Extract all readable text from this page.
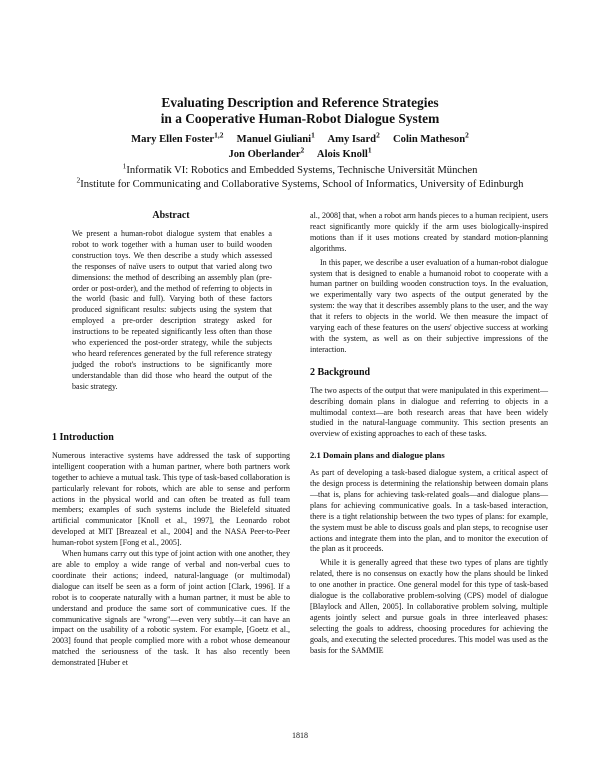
Evaluating Description and Reference Strategies
in a Cooperative Human-Robot Dialogue System
Mary Ellen Foster$^{1,2}$ Manuel Giuliani$^1$ Amy Isard$^2$ Colin Matheson$^2$
Jon Oberlander$^2$ Alois Knoll$^1$
$^1$Informatik VI: Robotics and Embedded Systems, Technische Universität München
$^2$Institute for Communicating and Collaborative Systems, School of Informatics, University of Edinburgh
Abstract
We present a human-robot dialogue system that enables a robot to work together with a human user to build wooden construction toys. We then describe a study which assessed the responses of naïve users to output that varied along two dimensions: the method of describing an assembly plan (pre-order or post-order), and the method of referring to objects in the world (basic and full). Varying both of these factors produced significant results: subjects using the system that employed a pre-order description strategy asked for instructions to be repeated significantly less often than those who experienced the post-order strategy, while the subjects who heard references generated by the full reference strategy judged the robot's instructions to be significantly more understandable than did those who heard the output of the basic strategy.

1 Introduction

Numerous interactive systems have addressed the task of supporting intelligent cooperation with a human partner, where both partners work together to achieve a mutual task. This type of task-based collaboration is particularly relevant for robots, which are able to sense and perform actions in the physical world and can often be treated as full team members; examples of such systems include the Bielefeld situated artificial communicator [Knoll et al., 1997], the Leonardo robot developed at MIT [Breazeal et al., 2004] and the NASA Peer-to-Peer human-robot system [Fong et al., 2005].

When humans carry out this type of joint action with one another, they are able to employ a wide range of verbal and non-verbal cues to coordinate their actions; indeed, natural-language (or multimodal) dialogue can itself be seen as a form of joint action [Clark, 1996]. If a robot is to cooperate naturally with a human partner, it must be able to understand and produce the same sort of communicative cues. If the communicative signals are "wrong"—even very subtly—it can have an impact on the usability of a robotic system. For example, [Goetz et al., 2003] found that people complied more with a robot whose demeanour matched the seriousness of the task. It has also recently been demonstrated [Huber et

al., 2008] that, when a robot arm hands pieces to a human recipient, users react significantly more quickly if the arm uses biologically-inspired motions than if it uses motions created by standard motion-planning algorithms.

In this paper, we describe a user evaluation of a human-robot dialogue system that is designed to enable a humanoid robot to cooperate with a human partner on building wooden construction toys. In the evaluation, we experimentally vary two aspects of the output generated by the system: the way that it describes assembly plans to the user, and the way that it refers to objects in the world. We then measure the impact of varying each of these features on the users' objective success at working with the system, as well as on their subjective impressions of the interaction.

2 Background

The two aspects of the output that were manipulated in this experiment—describing domain plans in dialogue and referring to objects in a multimodal context—are both research areas that have been widely studied in the natural-language community. This section presents an overview of existing approaches to each of these tasks.

2.1 Domain plans and dialogue plans

As part of developing a task-based dialogue system, a critical aspect of the design process is determining the relationship between domain plans—that is, plans for achieving task-related goals—and dialogue plans—plans for achieving communicative goals. In a task-based interaction, there is a tight relationship between the two types of plans: for example, the system must be able to discuss goals and plan steps, to recognise user actions and integrate them into the plan, and to monitor the execution of the plan as it proceeds.

While it is generally agreed that these two types of plans are tightly related, there is no consensus on exactly how the plans should be linked to one another in practice. One general model for this type of task-based dialogue is the collaborative problem-solving (CPS) model of dialogue [Blaylock and Allen, 2005]. In collaborative problem solving, multiple agents jointly select and pursue goals in three interleaved phases: selecting the goals to address, choosing procedures for achieving the goals, and executing the selected procedures. This model was used as the basis for the SAMMIE

1818
